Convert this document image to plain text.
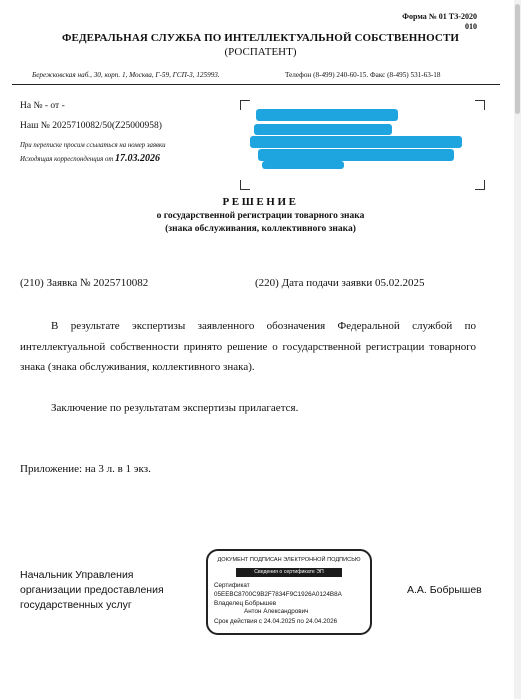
Форма № 01 ТЗ-2020
010
ФЕДЕРАЛЬНАЯ СЛУЖБА ПО ИНТЕЛЛЕКТУАЛЬНОЙ СОБСТВЕННОСТИ
(РОСПАТЕНТ)
Бережковская наб., 30, корп. 1, Москва, Г-59, ГСП-3, 125993.	Телефон (8-499) 240-60-15. Факс (8-495) 531-63-18
На № - от -
Наш № 2025710082/50(Z25000958)
При переписке просим ссылаться на номер заявки
Исходящая корреспонденция от 17.03.2026
РЕШЕНИЕ
о государственной регистрации товарного знака
(знака обслуживания, коллективного знака)
(210) Заявка № 2025710082	(220) Дата подачи заявки 05.02.2025
В результате экспертизы заявленного обозначения Федеральной службой по интеллектуальной собственности принято решение о государственной регистрации товарного знака (знака обслуживания, коллективного знака).
Заключение по результатам экспертизы прилагается.
Приложение: на 3 л. в 1 экз.
Начальник Управления
организации предоставления
государственных услуг
А.А. Бобрышев
ДОКУМЕНТ ПОДПИСАН ЭЛЕКТРОННОЙ ПОДПИСЬЮ
Сведения о сертификате ЭП
Сертификат
05EEBC8700C9B2F7834F9C1926A0124B8A
Владелец Бобрышев
Антон Александрович
Срок действия с 24.04.2025 по 24.04.2026
